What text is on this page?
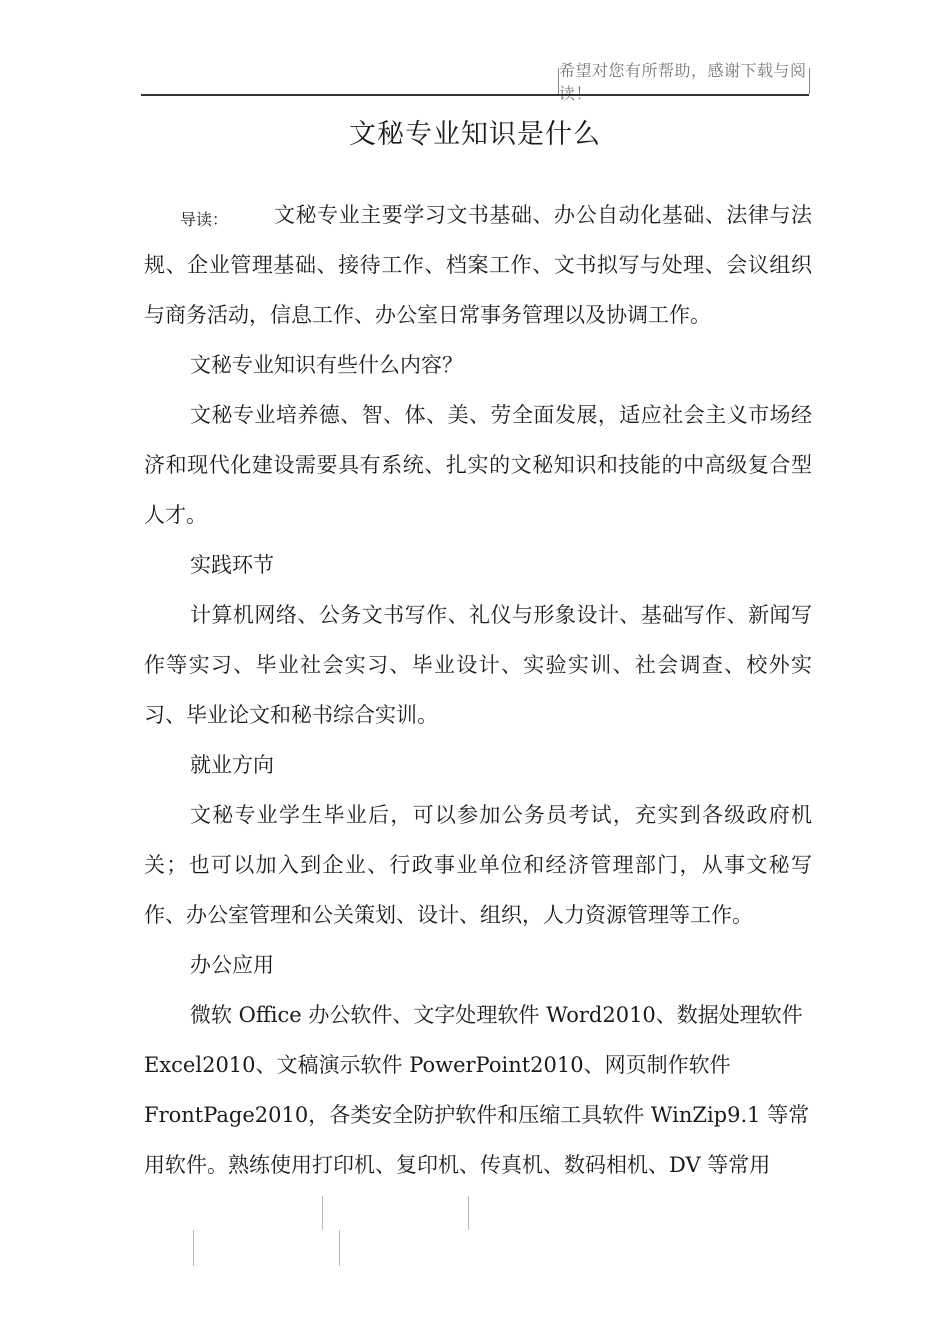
希望对您有所帮助，感谢下载与阅读！
文秘专业知识是什么
导读：	文秘专业主要学习文书基础、办公自动化基础、法律与法规、企业管理基础、接待工作、档案工作、文书拟写与处理、会议组织与商务活动，信息工作、办公室日常事务管理以及协调工作。

文秘专业知识有些什么内容？

文秘专业培养德、智、体、美、劳全面发展，适应社会主义市场经济和现代化建设需要具有系统、扎实的文秘知识和技能的中高级复合型人才。

实践环节

计算机网络、公务文书写作、礼仪与形象设计、基础写作、新闻写作等实习、毕业社会实习、毕业设计、实验实训、社会调查、校外实习、毕业论文和秘书综合实训。

就业方向

文秘专业学生毕业后，可以参加公务员考试，充实到各级政府机关；也可以加入到企业、行政事业单位和经济管理部门，从事文秘写作、办公室管理和公关策划、设计、组织，人力资源管理等工作。

办公应用

微软 Office 办公软件、文字处理软件 Word2010、数据处理软件

Excel2010、文稿演示软件 PowerPoint2010、网页制作软件

FrontPage2010，各类安全防护软件和压缩工具软件 WinZip9.1 等常

用软件。熟练使用打印机、复印机、传真机、数码相机、DV 等常用
